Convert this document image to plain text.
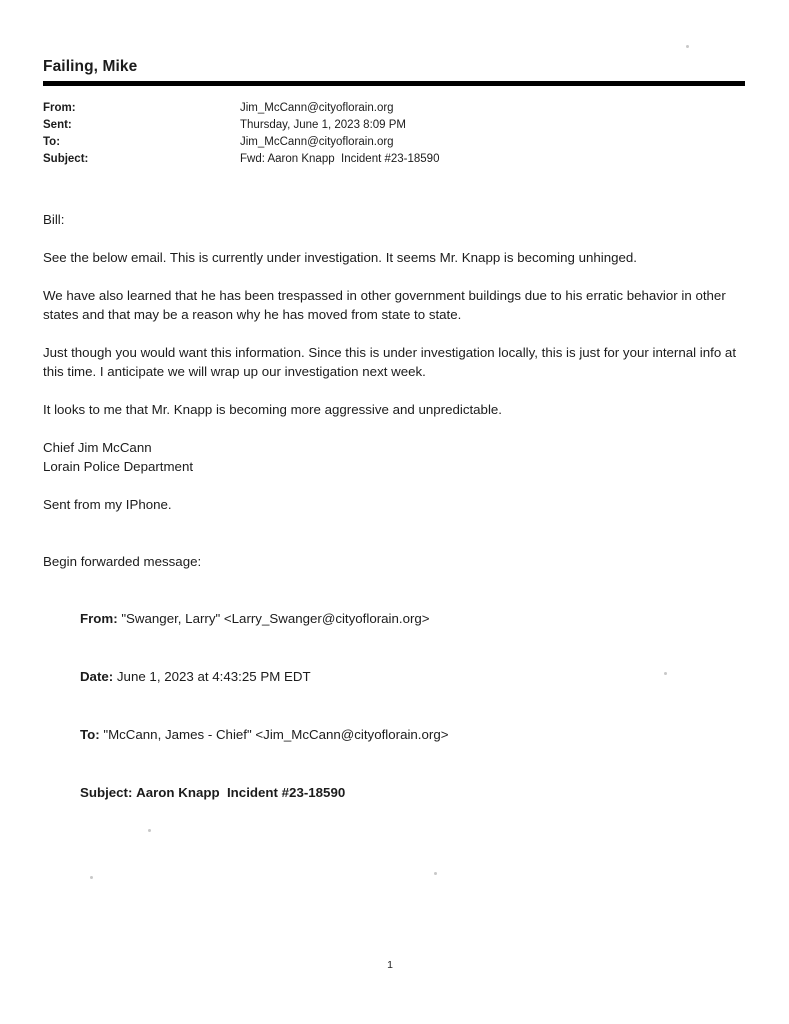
Failing, Mike
From:	Jim_McCann@cityoflorain.org
Sent:	Thursday, June 1, 2023 8:09 PM
To:	Jim_McCann@cityoflorain.org
Subject:	Fwd: Aaron Knapp  Incident #23-18590

Bill:

See the below email. This is currently under investigation. It seems Mr. Knapp is becoming unhinged.

We have also learned that he has been trespassed in other government buildings due to his erratic behavior in other states and that may be a reason why he has moved from state to state.

Just though you would want this information. Since this is under investigation locally, this is just for your internal info at this time. I anticipate we will wrap up our investigation next week.

It looks to me that Mr. Knapp is becoming more aggressive and unpredictable.

Chief Jim McCann

Lorain Police Department

Sent from my IPhone.

Begin forwarded message:

From: "Swanger, Larry" <Larry_Swanger@cityoflorain.org>

Date: June 1, 2023 at 4:43:25 PM EDT

To: "McCann, James - Chief" <Jim_McCann@cityoflorain.org>

Subject: Aaron Knapp  Incident #23-18590

1
